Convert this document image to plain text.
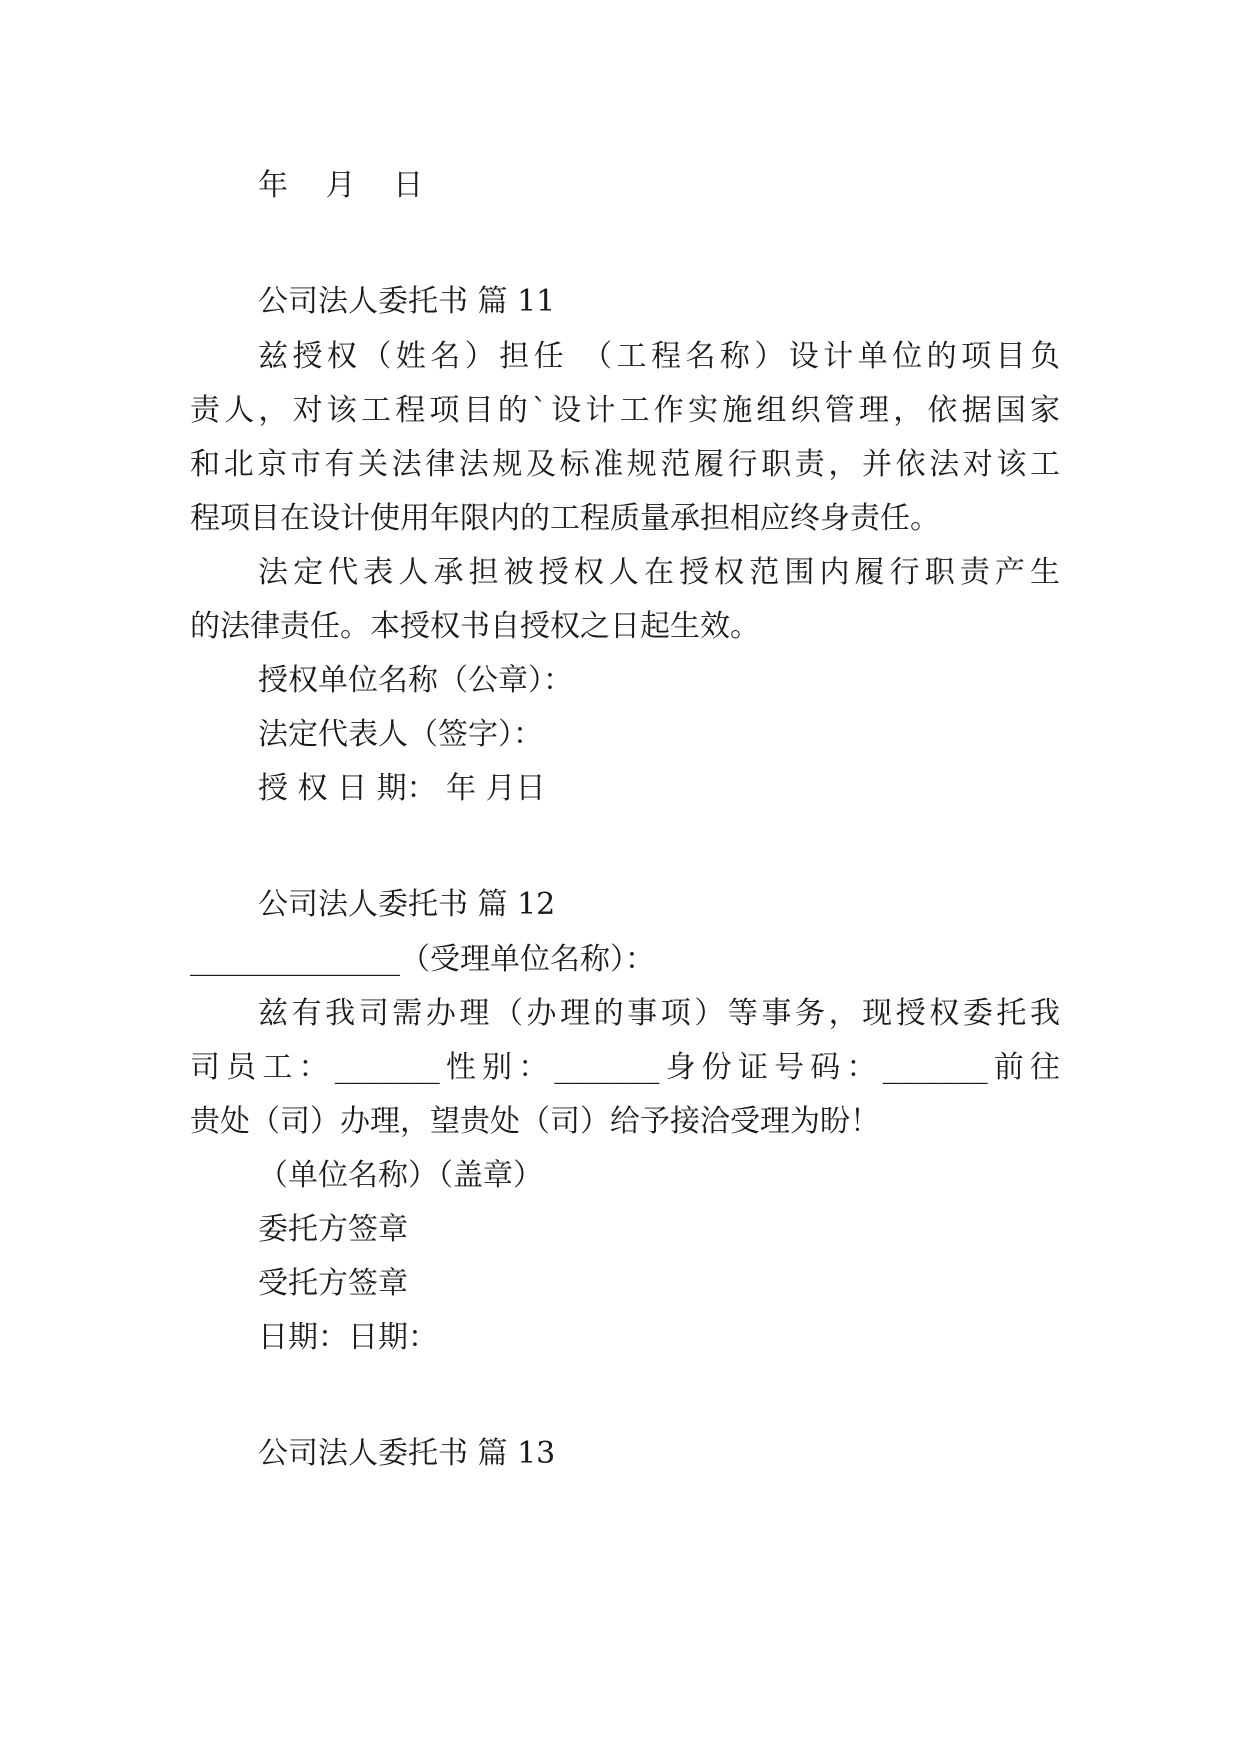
年 月 日
公司法人委托书 篇 11
兹授权（姓名）担任 （工程名称）设计单位的项目负
责人，对该工程项目的`设计工作实施组织管理，依据国家
和北京市有关法律法规及标准规范履行职责，并依法对该工
程项目在设计使用年限内的工程质量承担相应终身责任。
法定代表人承担被授权人在授权范围内履行职责产生
的法律责任。本授权书自授权之日起生效。
授权单位名称（公章）：
法定代表人（签字）：
授 权 日 期： 年 月日
公司法人委托书 篇 12
______________（受理单位名称）：
兹有我司需办理（办理的事项）等事务，现授权委托我
司员工：_______性别：_______身份证号码：_______前往
贵处（司）办理，望贵处（司）给予接洽受理为盼！
（单位名称）（盖章）
委托方签章
受托方签章
日期：日期：
公司法人委托书 篇 13
